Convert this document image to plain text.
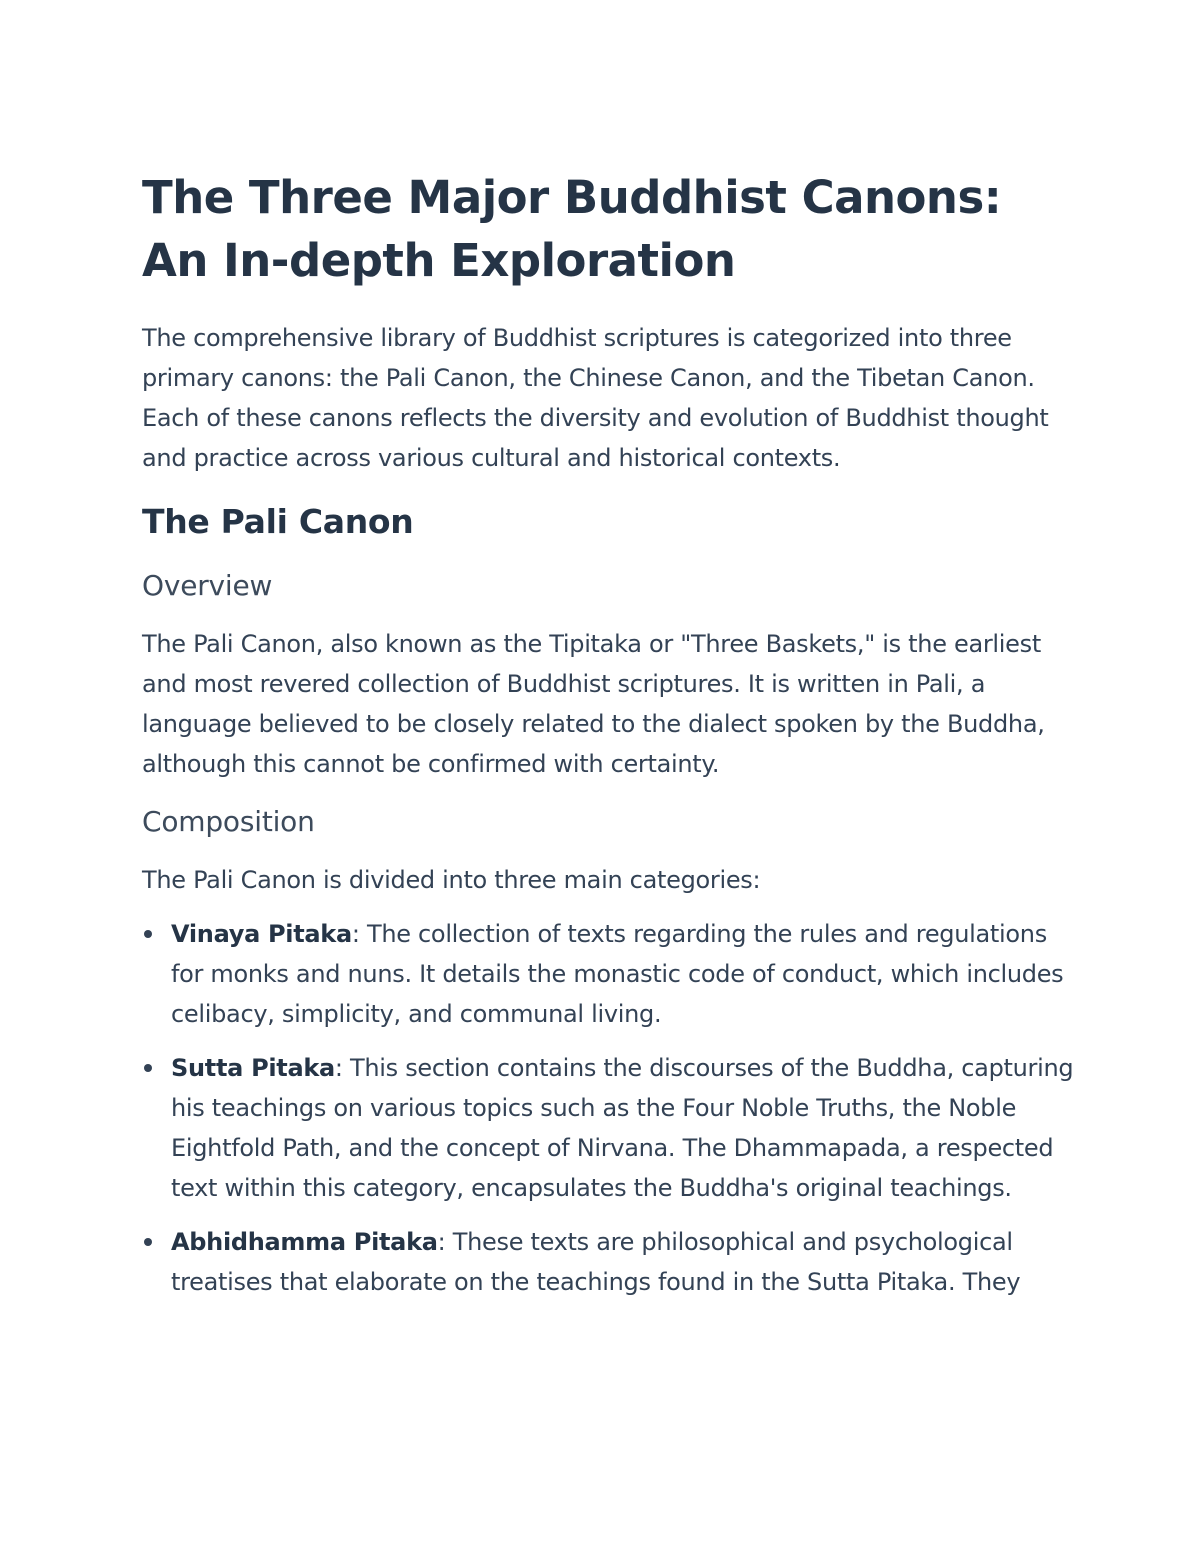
The Three Major Buddhist Canons: An In-depth Exploration

The comprehensive library of Buddhist scriptures is categorized into three primary canons: the Pali Canon, the Chinese Canon, and the Tibetan Canon. Each of these canons reflects the diversity and evolution of Buddhist thought and practice across various cultural and historical contexts.

The Pali Canon
Overview

The Pali Canon, also known as the Tipitaka or "Three Baskets," is the earliest and most revered collection of Buddhist scriptures. It is written in Pali, a language believed to be closely related to the dialect spoken by the Buddha, although this cannot be confirmed with certainty.

Composition

The Pali Canon is divided into three main categories:

Vinaya Pitaka: The collection of texts regarding the rules and regulations for monks and nuns. It details the monastic code of conduct, which includes celibacy, simplicity, and communal living.
Sutta Pitaka: This section contains the discourses of the Buddha, capturing his teachings on various topics such as the Four Noble Truths, the Noble Eightfold Path, and the concept of Nirvana. The Dhammapada, a respected text within this category, encapsulates the Buddha's original teachings.
Abhidhamma Pitaka: These texts are philosophical and psychological treatises that elaborate on the teachings found in the Sutta Pitaka. They
